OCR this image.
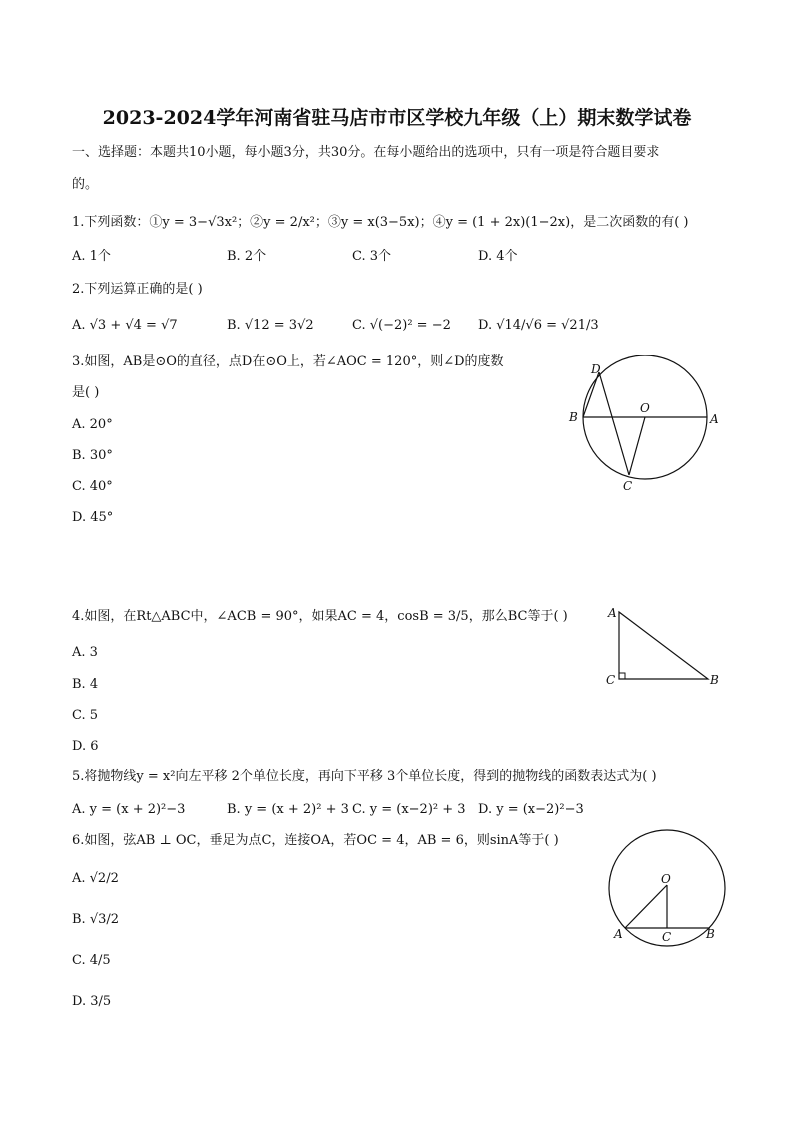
2023-2024学年河南省驻马店市市区学校九年级（上）期末数学试卷
一、选择题：本题共10小题，每小题3分，共30分。在每小题给出的选项中，只有一项是符合题目要求
的。
1.下列函数：①y = 3−√3x²；②y = 2/x²；③y = x(3−5x)；④y = (1 + 2x)(1−2x)，是二次函数的有( )
A. 1个	B. 2个	C. 3个	D. 4个
2.下列运算正确的是( )
A. √3 + √4 = √7	B. √12 = 3√2	C. √(−2)² = −2 D. √14/√6 = √21/3
3.如图，AB是⊙O的直径，点D在⊙O上，若∠AOC = 120°，则∠D的度数
是( )
A. 20°
B. 30°
C. 40°
D. 45°
D
O
B	A
C
4.如图，在Rt△ABC中，∠ACB = 90°，如果AC = 4，cosB = 3/5，那么BC等于( )
A. 3
B. 4
C. 5
D. 6
A
C	B
5.将抛物线y = x²向左平移 2个单位长度，再向下平移 3个单位长度，得到的抛物线的函数表达式为( )
A. y = (x + 2)²−3	B. y = (x + 2)² + 3 C. y = (x−2)² + 3 D. y = (x−2)²−3
6.如图，弦AB ⊥ OC，垂足为点C，连接OA，若OC = 4，AB = 6，则sinA等于( )
A. √2/2
B. √3/2
C. 4/5
D. 3/5
O
A	C	B
